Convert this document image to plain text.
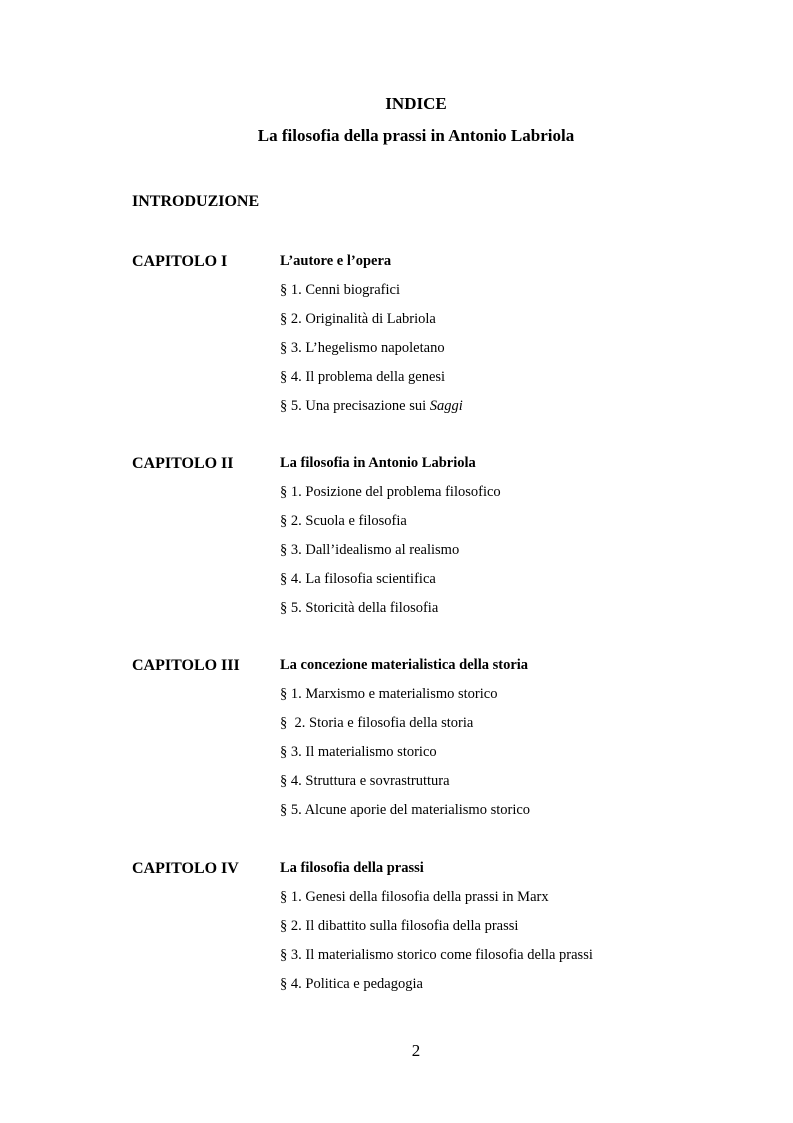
INDICE
La filosofia della prassi in Antonio Labriola
INTRODUZIONE
CAPITOLO I	L’autore e l’opera
§ 1. Cenni biografici
§ 2. Originalità di Labriola
§ 3. L’hegelismo napoletano
§ 4. Il problema della genesi
§ 5. Una precisazione sui Saggi
CAPITOLO II	La filosofia in Antonio Labriola
§ 1. Posizione del problema filosofico
§ 2. Scuola e filosofia
§ 3. Dall’idealismo al realismo
§ 4. La filosofia scientifica
§ 5. Storicità della filosofia
CAPITOLO III	La concezione materialistica della storia
§ 1. Marxismo e materialismo storico
§  2. Storia e filosofia della storia
§ 3. Il materialismo storico
§ 4. Struttura e sovrastruttura
§ 5. Alcune aporie del materialismo storico
CAPITOLO IV	La filosofia della prassi
§ 1. Genesi della filosofia della prassi in Marx
§ 2. Il dibattito sulla filosofia della prassi
§ 3. Il materialismo storico come filosofia della prassi
§ 4. Politica e pedagogia
2
